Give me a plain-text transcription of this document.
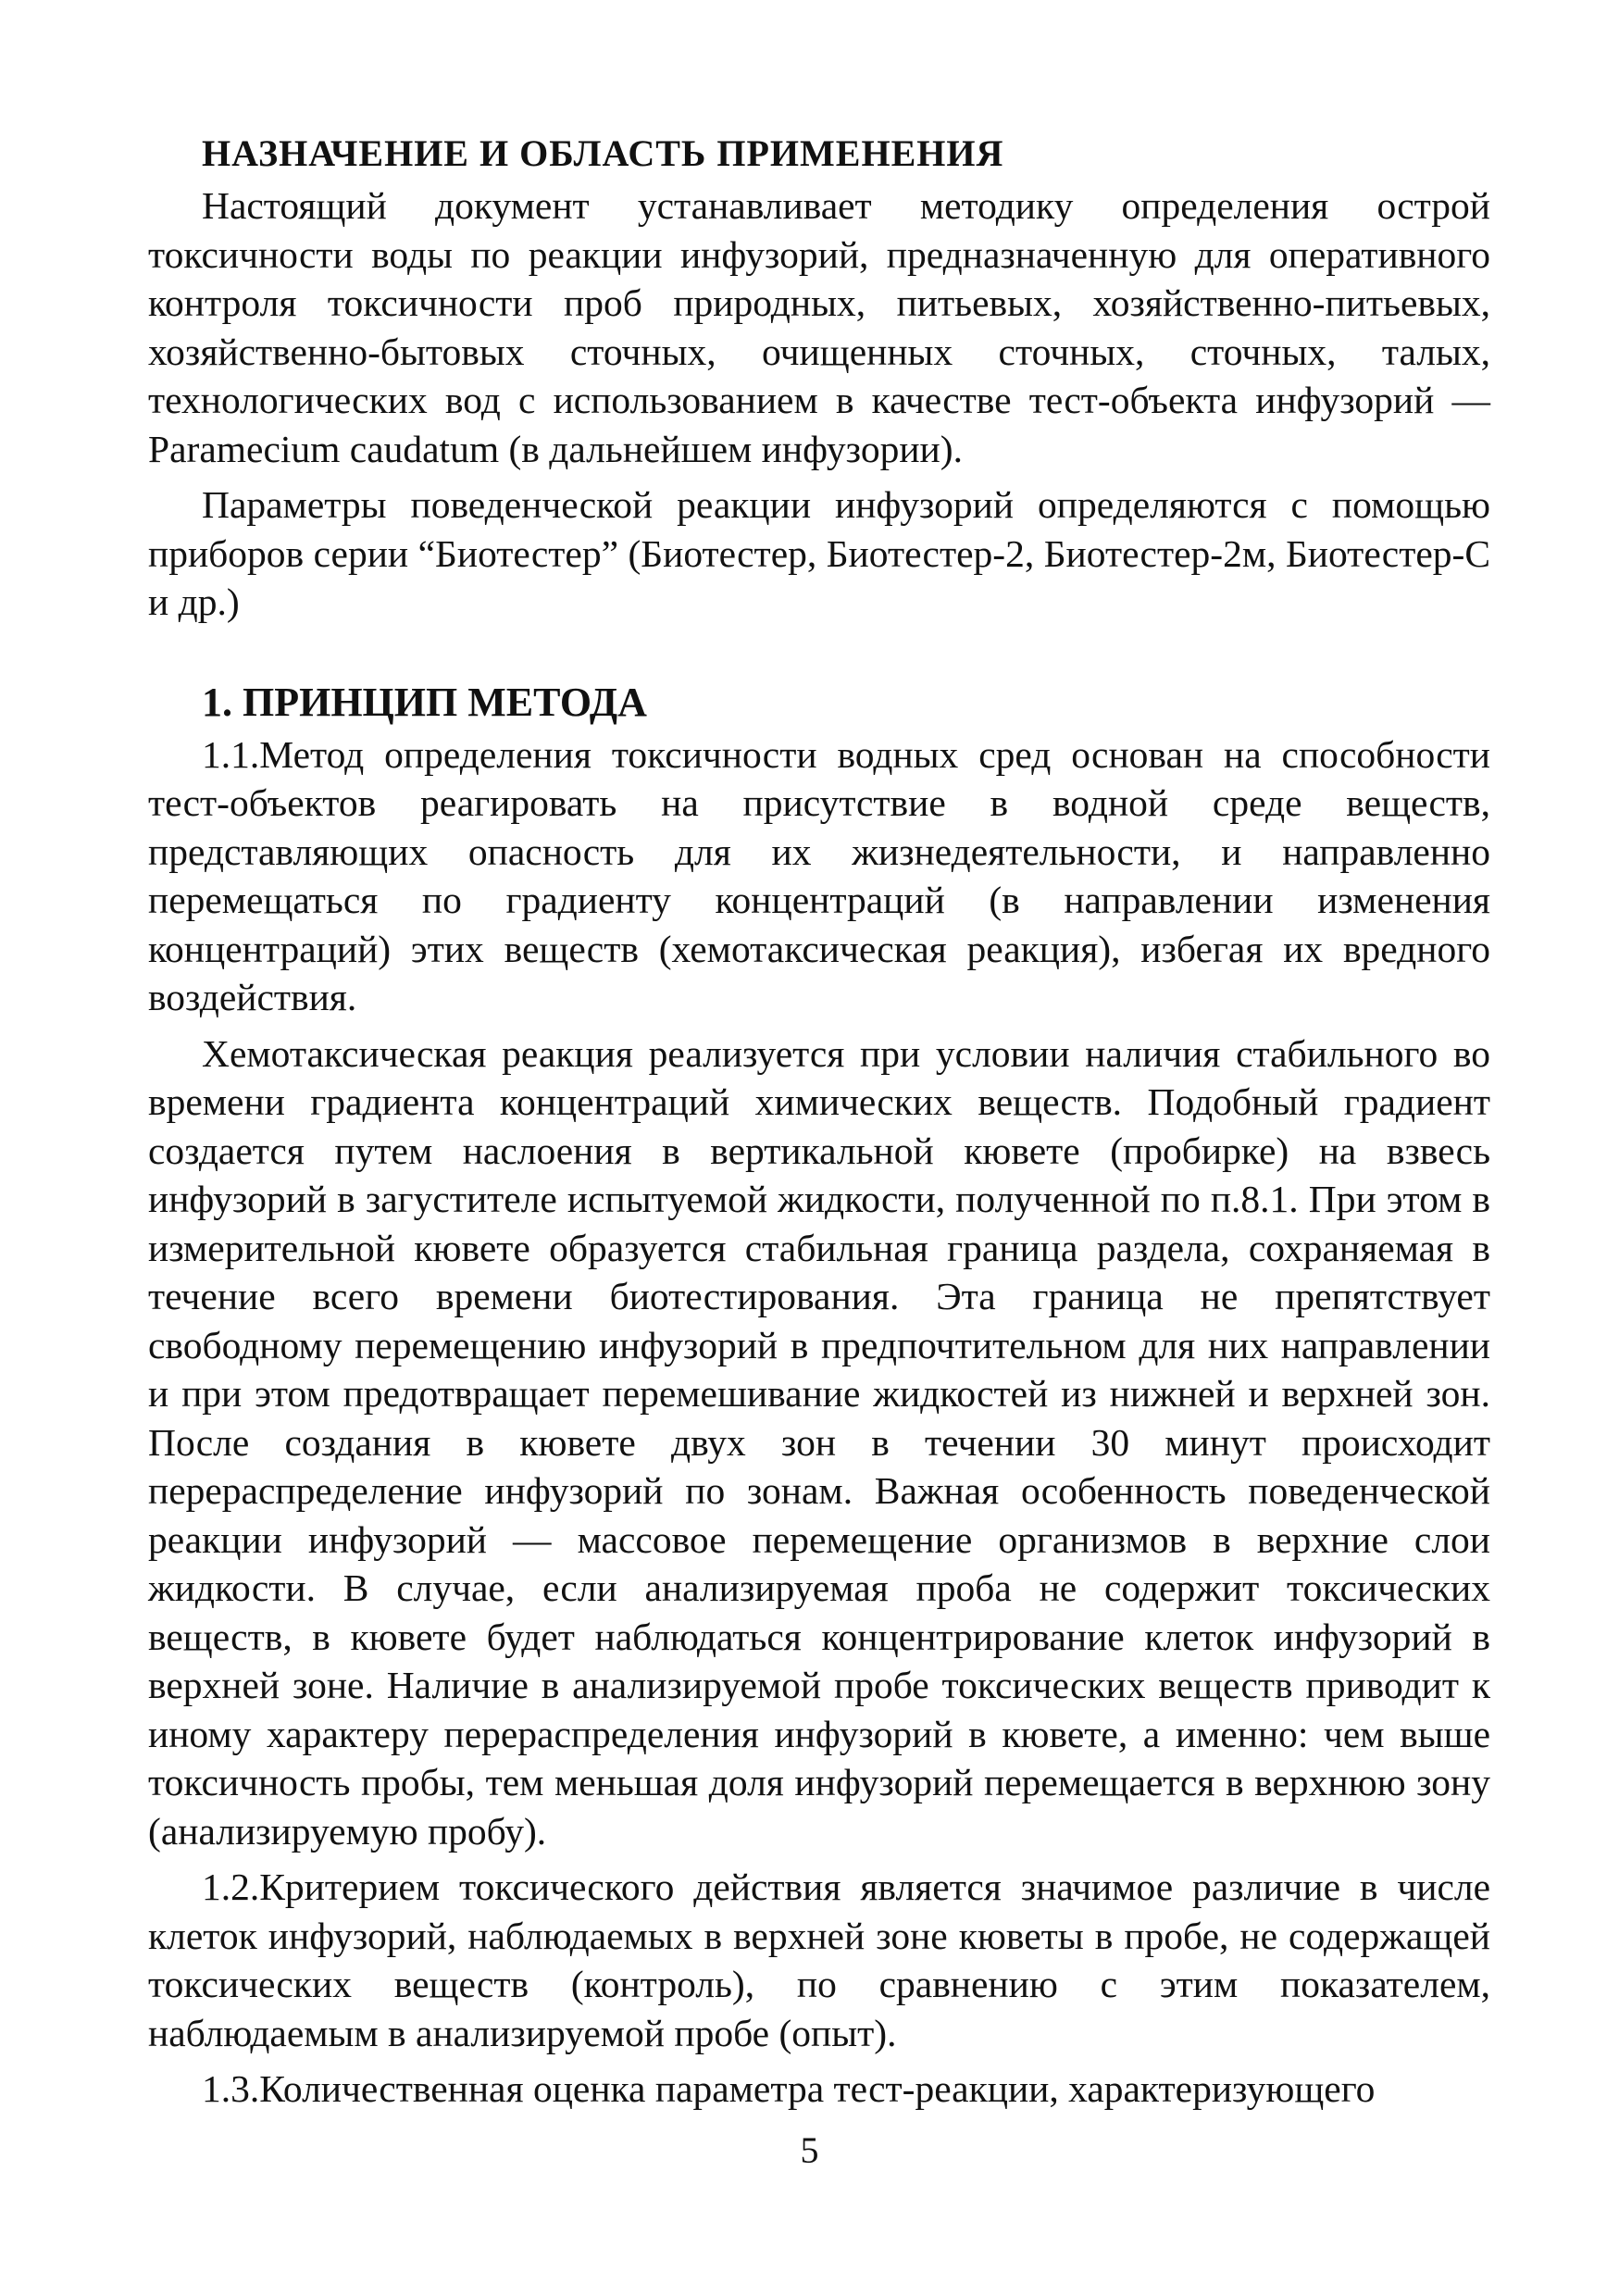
НАЗНАЧЕНИЕ И ОБЛАСТЬ ПРИМЕНЕНИЯ

Настоящий документ устанавливает методику определения острой токсичности воды по реакции инфузорий, предназначенную для оперативного контроля токсичности проб природных, питьевых, хозяйственно-питьевых, хозяйственно-бытовых сточных, очищенных сточных, сточных, талых, технологических вод с использованием в качестве тест-объекта инфузорий — Paramecium caudatum (в дальнейшем инфузории).

Параметры поведенческой реакции инфузорий определяются с помощью приборов серии “Биотестер” (Биотестер, Биотестер-2, Биотестер-2м, Биотестер-С и др.)

1. ПРИНЦИП МЕТОДА

1.1.Метод определения токсичности водных сред основан на способности тест-объектов реагировать на присутствие в водной среде веществ, представляющих опасность для их жизнедеятельности, и направленно перемещаться по градиенту концентраций (в направлении изменения концентраций) этих веществ (хемотаксическая реакция), избегая их вредного воздействия.

Хемотаксическая реакция реализуется при условии наличия стабильного во времени градиента концентраций химических веществ. Подобный градиент создается путем наслоения в вертикальной кювете (пробирке) на взвесь инфузорий в загустителе испытуемой жидкости, полученной по п.8.1. При этом в измерительной кювете образуется стабильная граница раздела, сохраняемая в течение всего времени биотестирования. Эта граница не препятствует свободному перемещению инфузорий в предпочтительном для них направлении и при этом предотвращает перемешивание жидкостей из нижней и верхней зон. После создания в кювете двух зон в течении 30 минут происходит перераспределение инфузорий по зонам. Важная особенность поведенческой реакции инфузорий — массовое перемещение организмов в верхние слои жидкости. В случае, если анализируемая проба не содержит токсических веществ, в кювете будет наблюдаться концентрирование клеток инфузорий в верхней зоне. Наличие в анализируемой пробе токсических веществ приводит к иному характеру перераспределения инфузорий в кювете, а именно: чем выше токсичность пробы, тем меньшая доля инфузорий перемещается в верхнюю зону (анализируемую пробу).

1.2.Критерием токсического действия является значимое различие в числе клеток инфузорий, наблюдаемых в верхней зоне кюветы в пробе, не содержащей токсических веществ (контроль), по сравнению с этим показателем, наблюдаемым в анализируемой пробе (опыт).

1.3.Количественная оценка параметра тест-реакции, характеризующего

5
